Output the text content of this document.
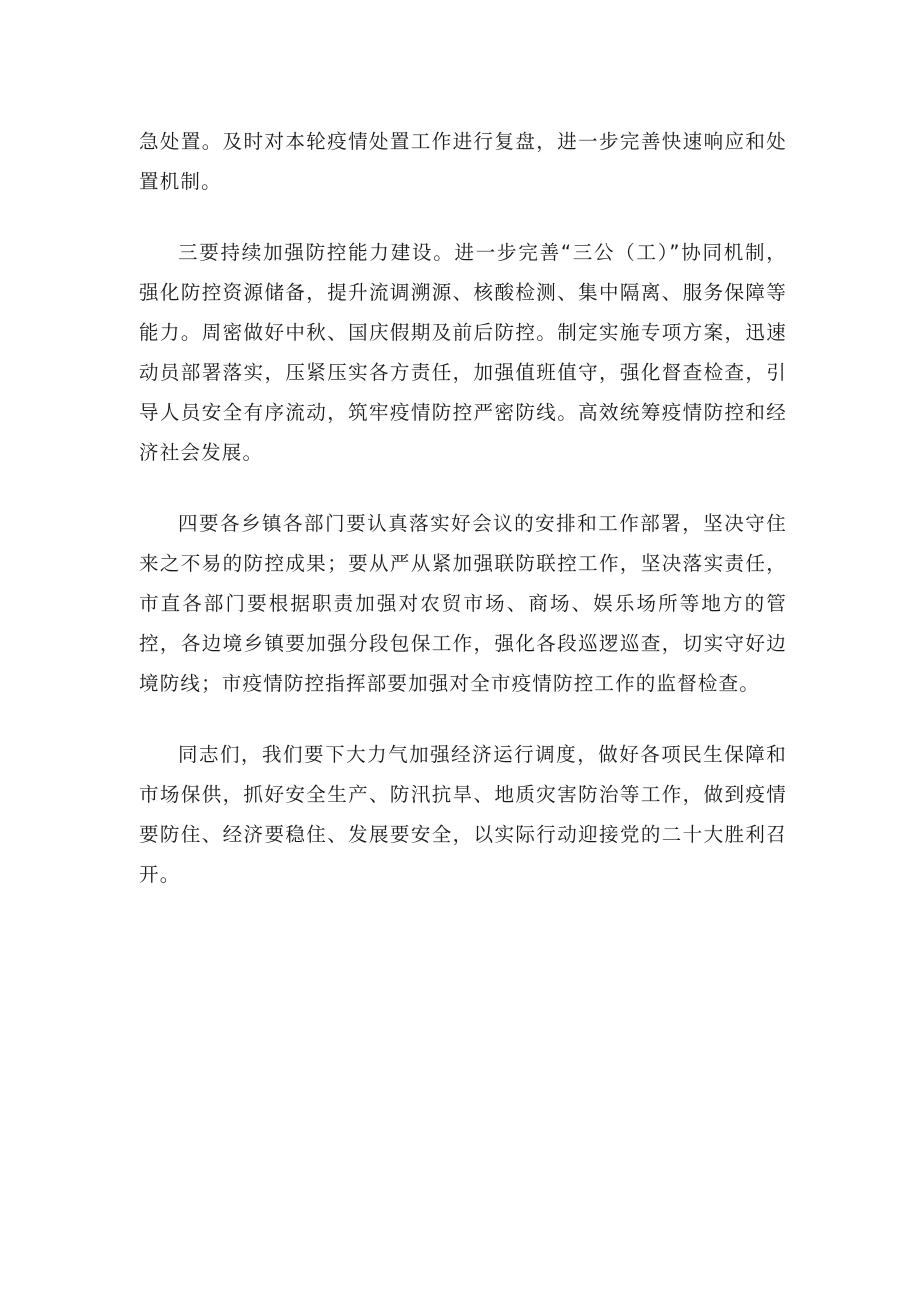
急处置。及时对本轮疫情处置工作进行复盘，进一步完善快速响应和处置机制。

三要持续加强防控能力建设。进一步完善“三公（工）”协同机制，强化防控资源储备，提升流调溯源、核酸检测、集中隔离、服务保障等能力。周密做好中秋、国庆假期及前后防控。制定实施专项方案，迅速动员部署落实，压紧压实各方责任，加强值班值守，强化督查检查，引导人员安全有序流动，筑牢疫情防控严密防线。高效统筹疫情防控和经济社会发展。

四要各乡镇各部门要认真落实好会议的安排和工作部署，坚决守住来之不易的防控成果；要从严从紧加强联防联控工作，坚决落实责任，市直各部门要根据职责加强对农贸市场、商场、娱乐场所等地方的管控，各边境乡镇要加强分段包保工作，强化各段巡逻巡查，切实守好边境防线；市疫情防控指挥部要加强对全市疫情防控工作的监督检查。

同志们，我们要下大力气加强经济运行调度，做好各项民生保障和市场保供，抓好安全生产、防汛抗旱、地质灾害防治等工作，做到疫情要防住、经济要稳住、发展要安全，以实际行动迎接党的二十大胜利召开。
